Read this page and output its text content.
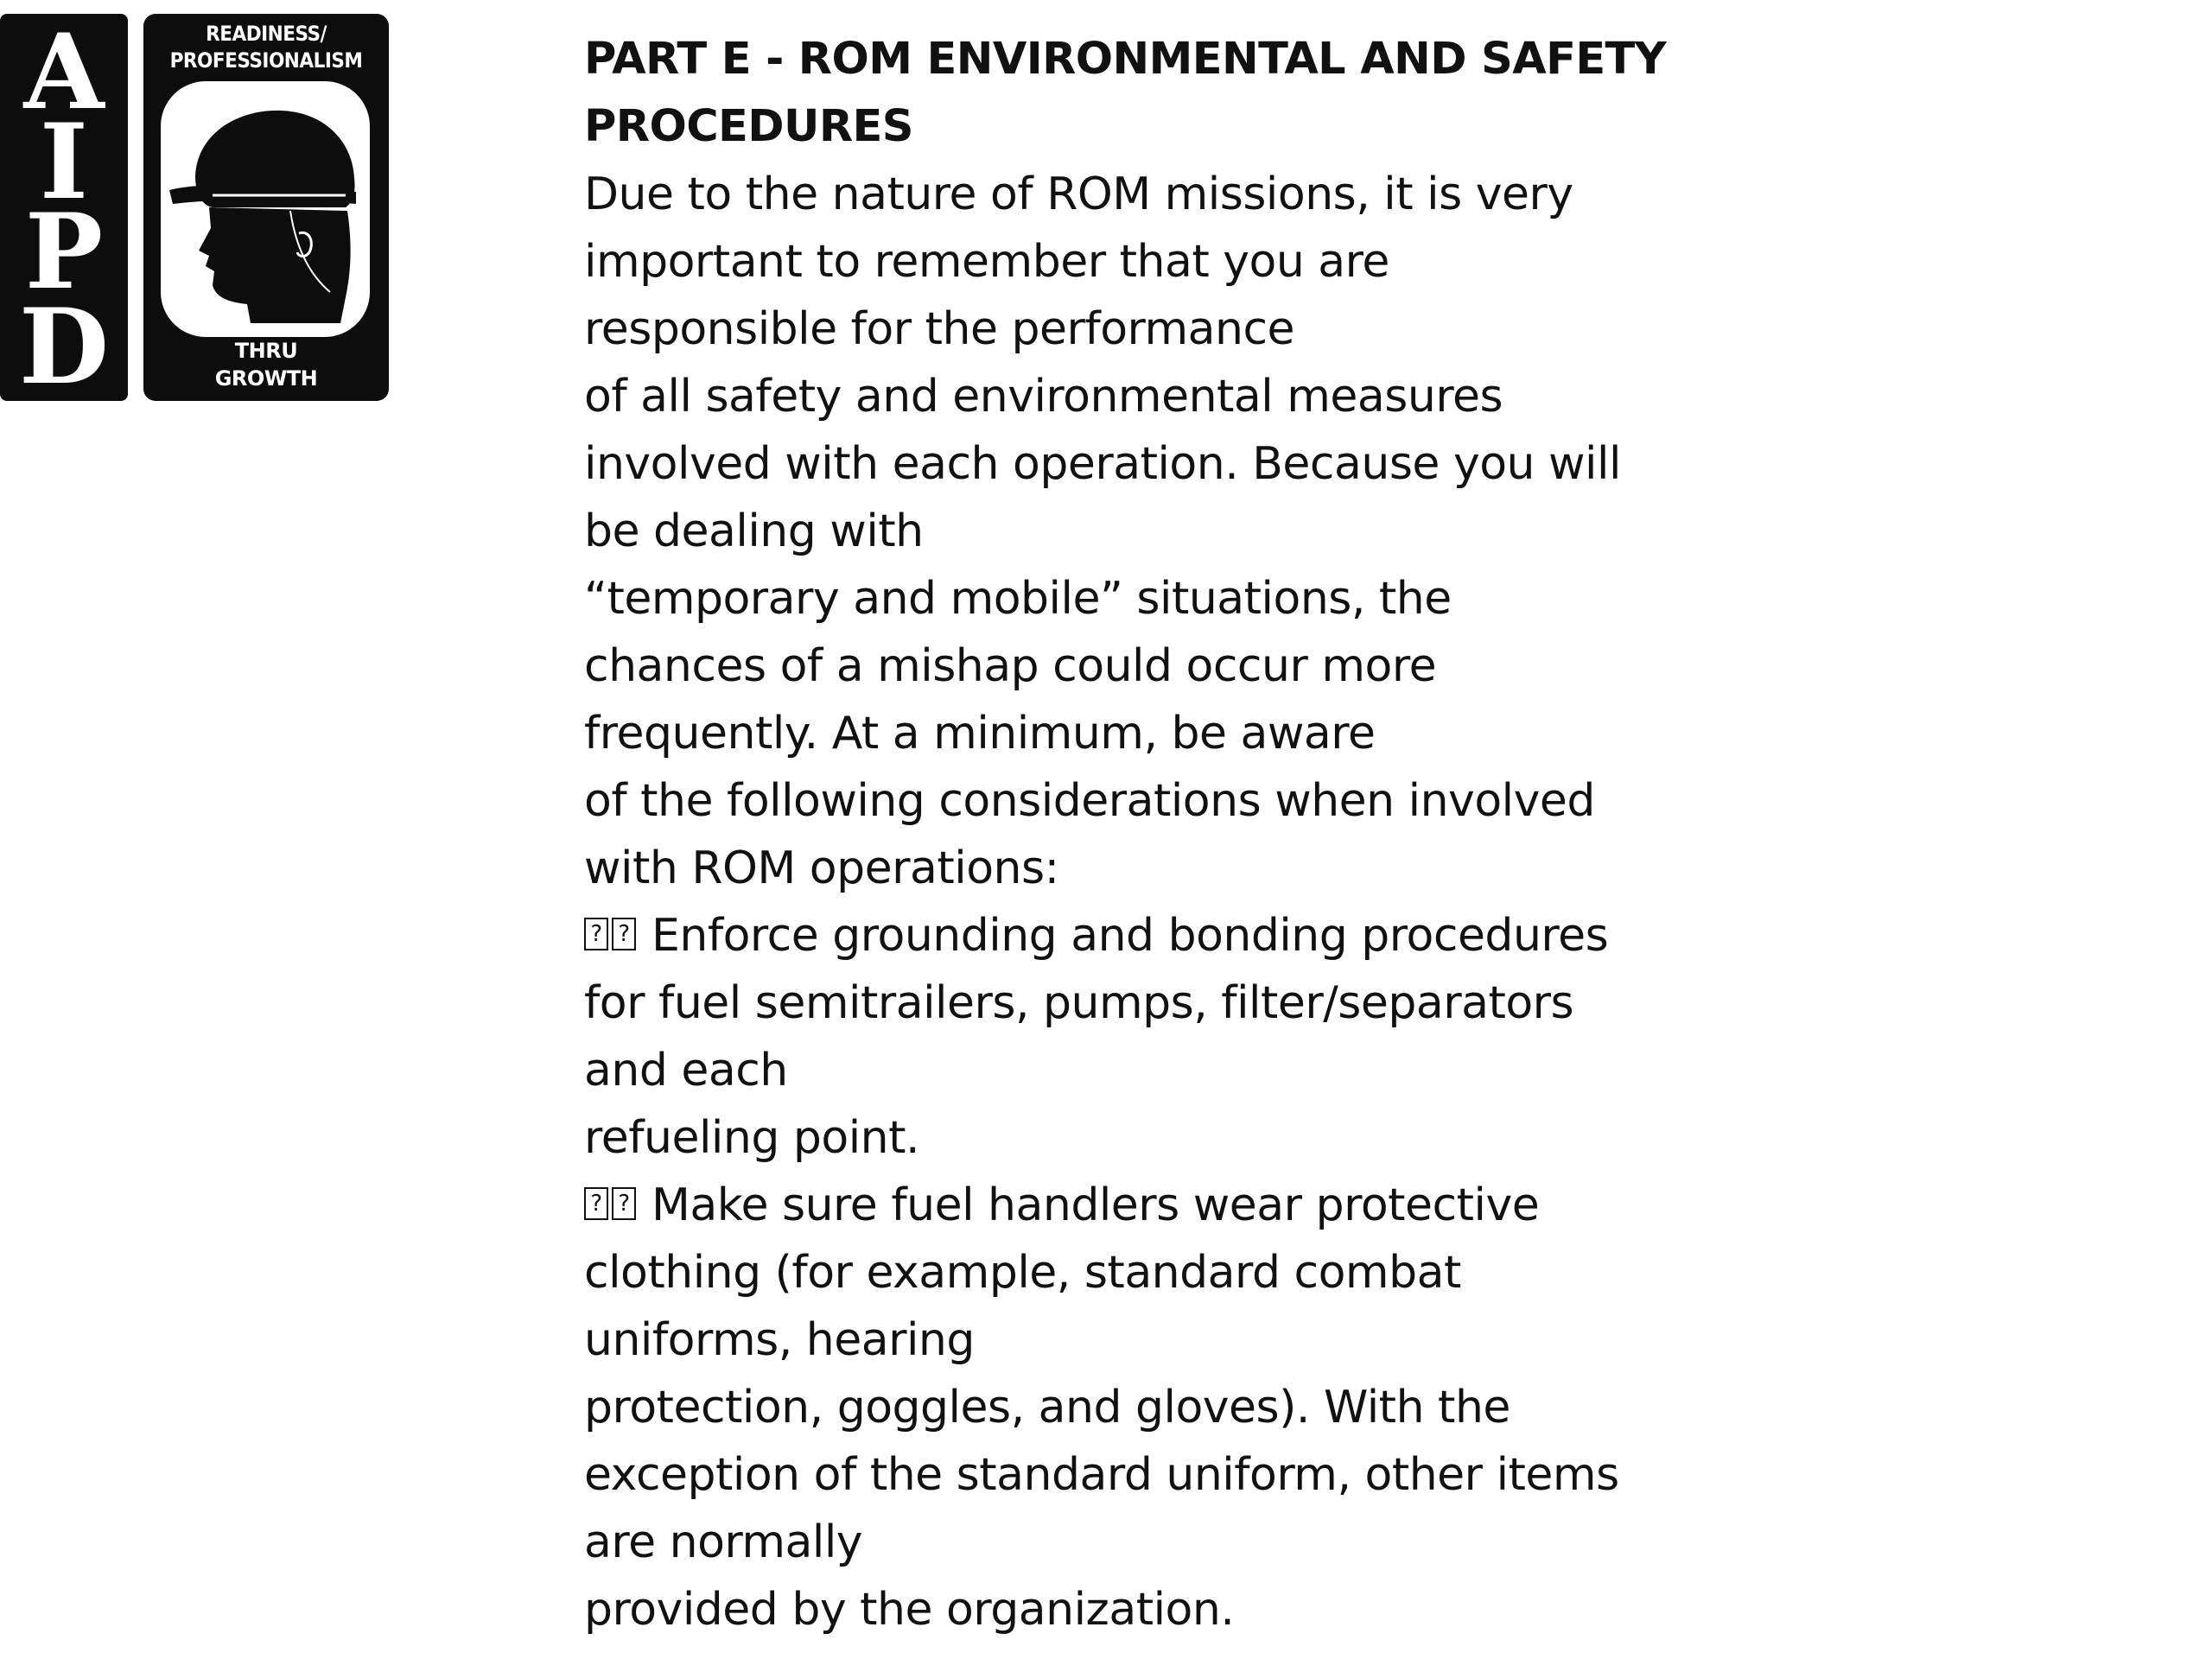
A
I
P
D
READINESS/
PROFESSIONALISM
THRU
GROWTH
PART E - ROM ENVIRONMENTAL AND SAFETY
PROCEDURES
Due to the nature of ROM missions, it is very
important to remember that you are
responsible for the performance
of all safety and environmental measures
involved with each operation. Because you will
be dealing with
“temporary and mobile” situations, the
chances of a mishap could occur more
frequently. At a minimum, be aware
of the following considerations when involved
with ROM operations:
? ? Enforce grounding and bonding procedures
for fuel semitrailers, pumps, filter/separators
and each
refueling point.
? ? Make sure fuel handlers wear protective
clothing (for example, standard combat
uniforms, hearing
protection, goggles, and gloves). With the
exception of the standard uniform, other items
are normally
provided by the organization.
